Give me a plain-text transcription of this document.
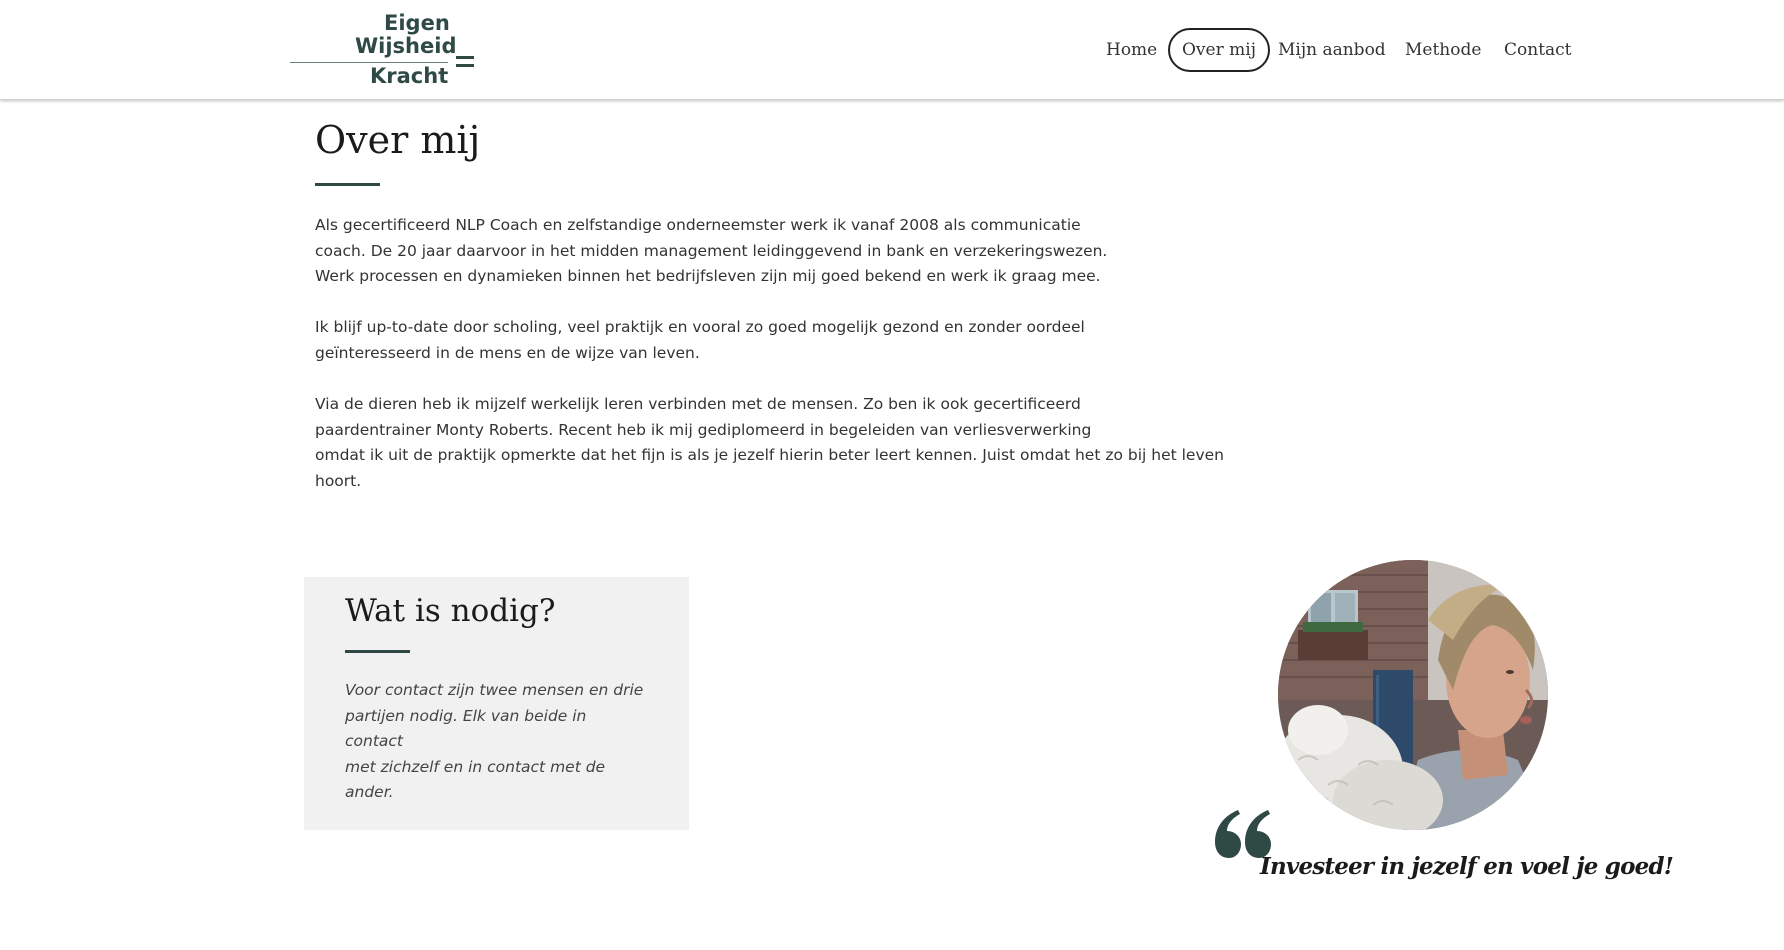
Eigen
Wijsheid
Kracht
Home	Over mij	Mijn aanbod	Methode	Contact
Over mij

Als gecertificeerd NLP Coach en zelfstandige onderneemster werk ik vanaf 2008 als communicatie
coach. De 20 jaar daarvoor in het midden management leidinggevend in bank en verzekeringswezen.
Werk processen en dynamieken binnen het bedrijfsleven zijn mij goed bekend en werk ik graag mee.

Ik blijf up-to-date door scholing, veel praktijk en vooral zo goed mogelijk gezond en zonder oordeel
geïnteresseerd in de mens en de wijze van leven.

Via de dieren heb ik mijzelf werkelijk leren verbinden met de mensen. Zo ben ik ook gecertificeerd
paardentrainer Monty Roberts. Recent heb ik mij gediplomeerd in begeleiden van verliesverwerking
omdat ik uit de praktijk opmerkte dat het fijn is als je jezelf hierin beter leert kennen. Juist omdat het zo bij het leven hoort.

Wat is nodig?

Voor contact zijn twee mensen en drie
partijen nodig. Elk van beide in contact
met zichzelf en in contact met de ander.

Investeer in jezelf en voel je goed!
